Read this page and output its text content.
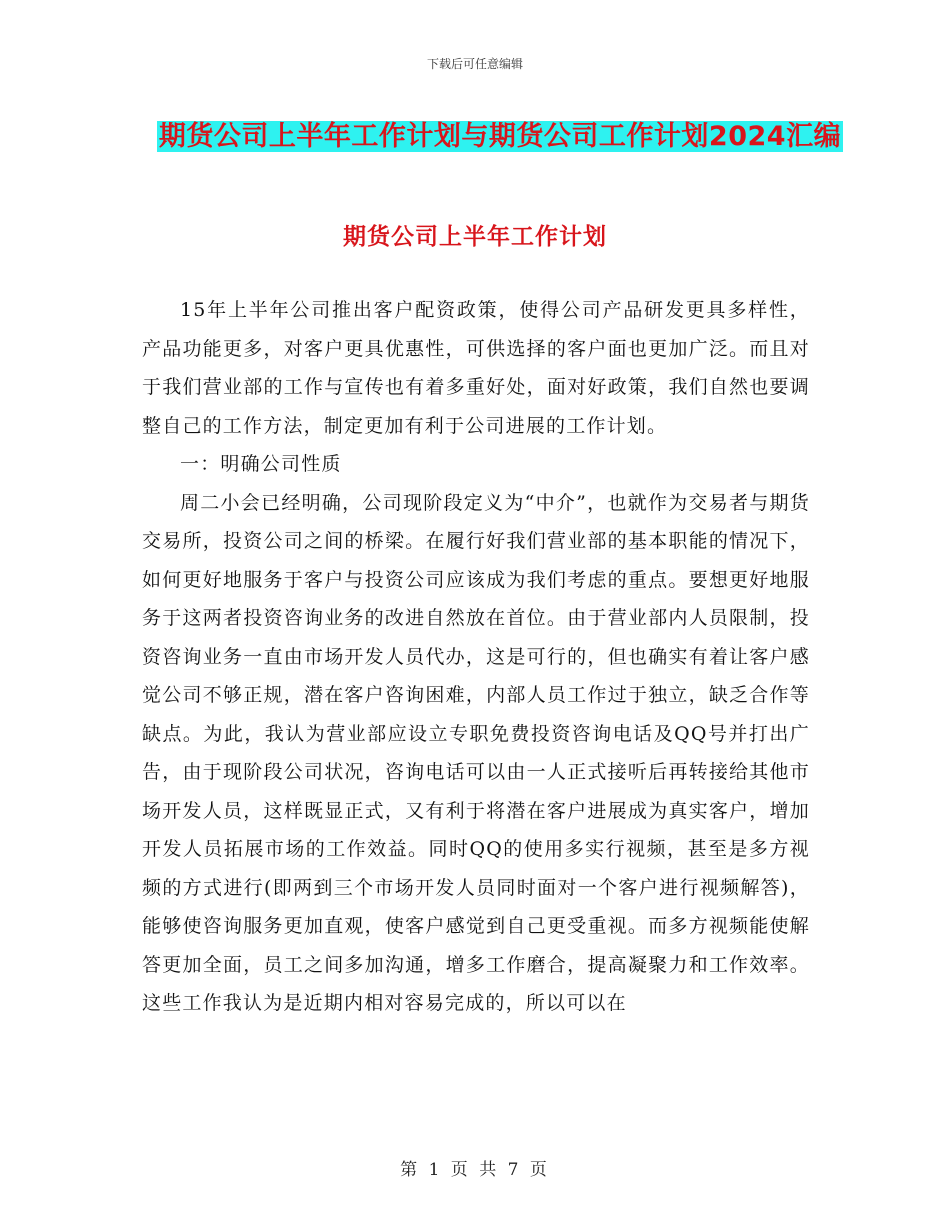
下载后可任意编辑
期货公司上半年工作计划与期货公司工作计划2024汇编
期货公司上半年工作计划

15年上半年公司推出客户配资政策，使得公司产品研发更具多样性，产品功能更多，对客户更具优惠性，可供选择的客户面也更加广泛。而且对于我们营业部的工作与宣传也有着多重好处，面对好政策，我们自然也要调整自己的工作方法，制定更加有利于公司进展的工作计划。

一：明确公司性质

周二小会已经明确，公司现阶段定义为“中介”，也就作为交易者与期货交易所，投资公司之间的桥梁。在履行好我们营业部的基本职能的情况下，如何更好地服务于客户与投资公司应该成为我们考虑的重点。要想更好地服务于这两者投资咨询业务的改进自然放在首位。由于营业部内人员限制，投资咨询业务一直由市场开发人员代办，这是可行的，但也确实有着让客户感觉公司不够正规，潜在客户咨询困难，内部人员工作过于独立，缺乏合作等缺点。为此，我认为营业部应设立专职免费投资咨询电话及QQ号并打出广告，由于现阶段公司状况，咨询电话可以由一人正式接听后再转接给其他市场开发人员，这样既显正式，又有利于将潜在客户进展成为真实客户，增加开发人员拓展市场的工作效益。同时QQ的使用多实行视频，甚至是多方视频的方式进行(即两到三个市场开发人员同时面对一个客户进行视频解答)，能够使咨询服务更加直观，使客户感觉到自己更受重视。而多方视频能使解答更加全面，员工之间多加沟通，增多工作磨合，提高凝聚力和工作效率。这些工作我认为是近期内相对容易完成的，所以可以在

第 1 页 共 7 页
